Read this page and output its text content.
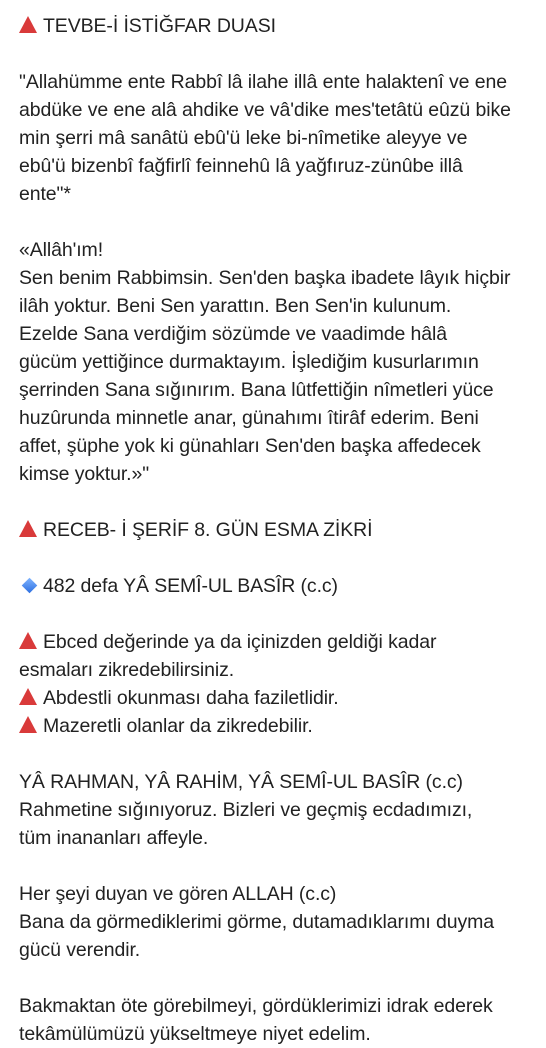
TEVBE-İ İSTİĞFAR DUASI

"Allahümme ente Rabbî lâ ilahe illâ ente halaktenî ve ene
abdüke ve ene alâ ahdike ve vâ'dike mes'tetâtü eûzü bike
min şerri mâ sanâtü ebû'ü leke bi-nîmetike aleyye ve
ebû'ü bizenbî fağfirlî feinnehû lâ yağfıruz-zünûbe illâ
ente"*

«Allâh'ım!
Sen benim Rabbimsin. Sen'den başka ibadete lâyık hiçbir
ilâh yoktur. Beni Sen yarattın. Ben Sen'in kulunum.
Ezelde Sana verdiğim sözümde ve vaadimde hâlâ
gücüm yettiğince durmaktayım. İşlediğim kusurlarımın
şerrinden Sana sığınırım. Bana lûtfettiğin nîmetleri yüce
huzûrunda minnetle anar, günahımı îtirâf ederim. Beni
affet, şüphe yok ki günahları Sen'den başka affedecek
kimse yoktur.»"

RECEB- İ ŞERİF 8. GÜN ESMA ZİKRİ

482 defa YÂ SEMÎ-UL BASÎR (c.c)

Ebced değerinde ya da içinizden geldiği kadar
esmaları zikredebilirsiniz.
Abdestli okunması daha faziletlidir.
Mazeretli olanlar da zikredebilir.

YÂ RAHMAN, YÂ RAHİM, YÂ SEMÎ-UL BASÎR (c.c)
Rahmetine sığınıyoruz. Bizleri ve geçmiş ecdadımızı,
tüm inananları affeyle.

Her şeyi duyan ve gören ALLAH (c.c)
Bana da görmediklerimi görme, dutamadıklarımı duyma
gücü verendir.

Bakmaktan öte görebilmeyi, gördüklerimizi idrak ederek
tekâmülümüzü yükseltmeye niyet edelim.
